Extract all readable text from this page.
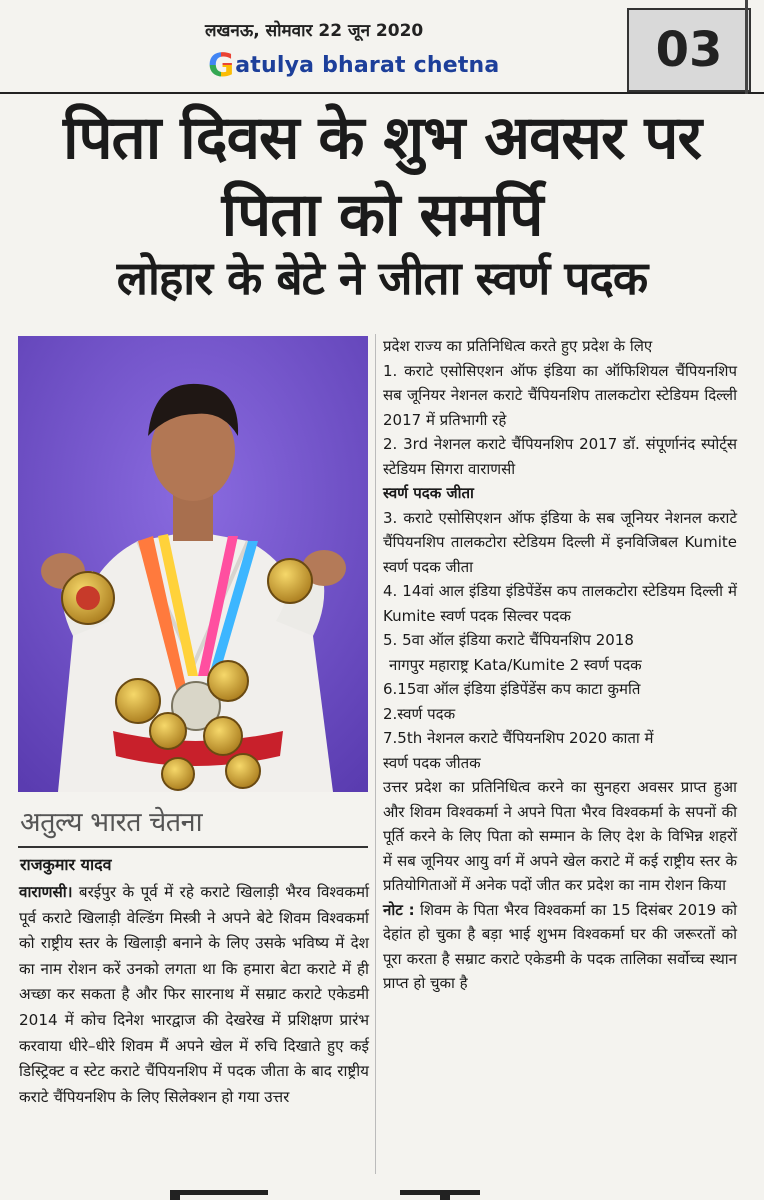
लखनऊ, सोमवार 22 जून 2020
G atulya bharat chetna	03
पिता दिवस के शुभ अवसर पर
पिता को समर्पि
लोहार के बेटे ने जीता स्वर्ण पदक
अतुल्य भारत चेतना
राजकुमार यादव
वाराणसी। बरईपुर के पूर्व में रहे कराटे खिलाड़ी भैरव विश्वकर्मा पूर्व कराटे खिलाड़ी वेल्डिंग मिस्त्री ने अपने बेटे शिवम विश्वकर्मा को राष्ट्रीय स्तर के खिलाड़ी बनाने के लिए उसके भविष्य में देश का नाम रोशन करें उनको लगता था कि हमारा बेटा कराटे में ही अच्छा कर सकता है और फिर सारनाथ में सम्राट कराटे एकेडमी 2014 में कोच दिनेश भारद्वाज की देखरेख में प्रशिक्षण प्रारंभ करवाया धीरे–धीरे शिवम मैं अपने खेल में रुचि दिखाते हुए कई डिस्ट्रिक्ट व स्टेट कराटे चैंपियनशिप में पदक जीता के बाद राष्ट्रीय कराटे चैंपियनशिप के लिए सिलेक्शन हो गया उत्तर

प्रदेश राज्य का प्रतिनिधित्व करते हुए प्रदेश के लिए

1. कराटे एसोसिएशन ऑफ इंडिया का ऑफिशियल चैंपियनशिप सब जूनियर नेशनल कराटे चैंपियनशिप तालकटोरा स्टेडियम दिल्ली 2017 में प्रतिभागी रहे

2. 3rd नेशनल कराटे चैंपियनशिप 2017 डॉ. संपूर्णानंद स्पोर्ट्स स्टेडियम सिगरा वाराणसी

स्वर्ण पदक जीता

3. कराटे एसोसिएशन ऑफ इंडिया के सब जूनियर नेशनल कराटे चैंपियनशिप तालकटोरा स्टेडियम दिल्ली में इनविजिबल Kumite स्वर्ण पदक जीता

4. 14वां आल इंडिया इंडिपेंडेंस कप तालकटोरा स्टेडियम दिल्ली में Kumite स्वर्ण पदक सिल्वर पदक

5. 5वा ऑल इंडिया कराटे चैंपियनशिप 2018

नागपुर महाराष्ट्र Kata/Kumite 2 स्वर्ण पदक

6.15वा ऑल इंडिया इंडिपेंडेंस कप काटा कुमति

2.स्वर्ण पदक

7.5th नेशनल कराटे चैंपियनशिप 2020 काता में

स्वर्ण पदक जीतक

उत्तर प्रदेश का प्रतिनिधित्व करने का सुनहरा अवसर प्राप्त हुआ और शिवम विश्वकर्मा ने अपने पिता भैरव विश्वकर्मा के सपनों की पूर्ति करने के लिए पिता को सम्मान के लिए देश के विभिन्न शहरों में सब जूनियर आयु वर्ग में अपने खेल कराटे में कई राष्ट्रीय स्तर के प्रतियोगिताओं में अनेक पदों जीत कर प्रदेश का नाम रोशन किया

नोट : शिवम के पिता भैरव विश्वकर्मा का 15 दिसंबर 2019 को देहांत हो चुका है बड़ा भाई शुभम विश्वकर्मा घर की जरूरतों को पूरा करता है सम्राट कराटे एकेडमी के पदक तालिका सर्वोच्च स्थान प्राप्त हो चुका है
